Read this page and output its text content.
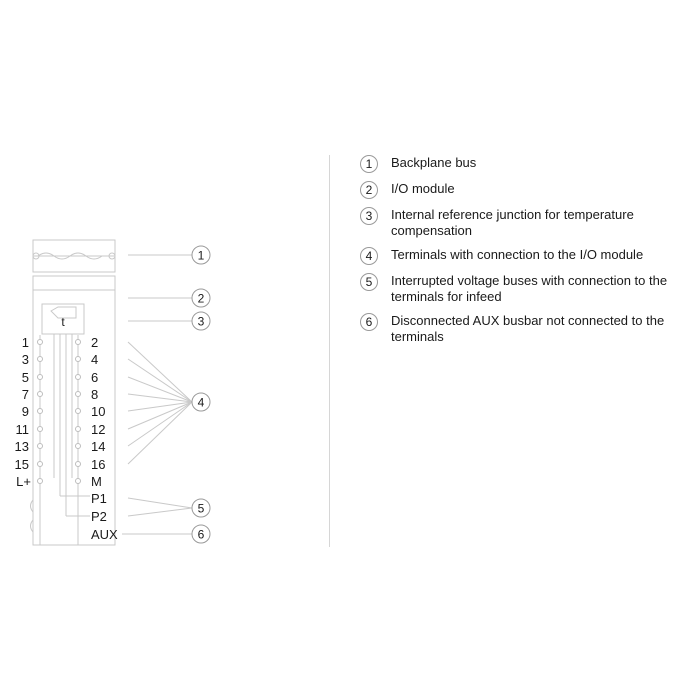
t
1
3
5
7
9
11
13
15
L+
2
4
6
8
10
12
14
16
M
P1
P2
AUX
1
2
3
4
5
6
1	Backplane bus
2	I/O module
3	Internal reference junction for temperature compensation
4	Terminals with connection to the I/O module
5	Interrupted voltage buses with connection to the terminals for infeed
6	Disconnected AUX busbar not connected to the terminals
